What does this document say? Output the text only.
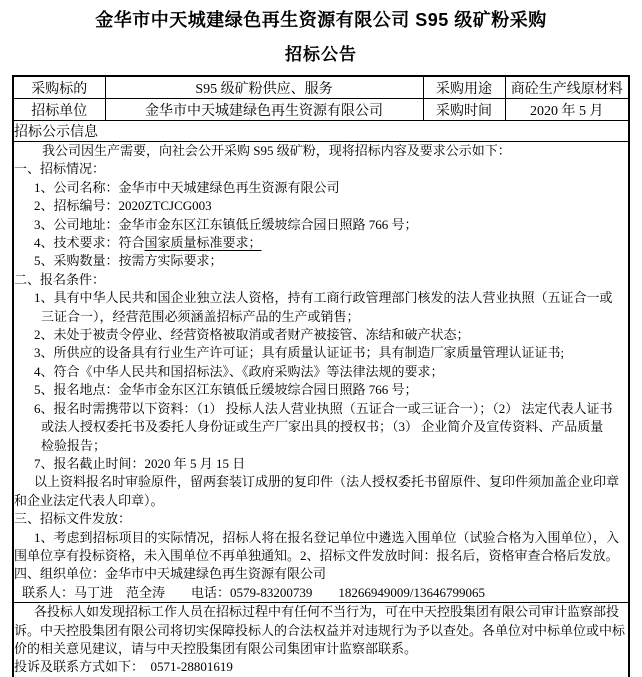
金华市中天城建绿色再生资源有限公司 S95 级矿粉采购
招标公告
采购标的	S95 级矿粉供应、服务	采购用途	商砼生产线原材料
招标单位	金华市中天城建绿色再生资源有限公司	采购时间	2020 年 5 月
招标公示信息			

我公司因生产需要，向社会公开采购 S95 级矿粉，现将招标内容及要求公示如下：
一、招标情况：
1、公司名称：金华市中天城建绿色再生资源有限公司
2、招标编号：2020ZTCJCG003
3、公司地址：金华市金东区江东镇低丘缓坡综合园日照路 766 号；
4、技术要求：符合国家质量标准要求；
5、采购数量：按需方实际要求；
二、报名条件：
1、具有中华人民共和国企业独立法人资格，持有工商行政管理部门核发的法人营业执照（五证合一或
三证合一），经营范围必须涵盖招标产品的生产或销售；
2、未处于被责令停业、经营资格被取消或者财产被接管、冻结和破产状态；
3、所供应的设备具有行业生产许可证；具有质量认证证书；具有制造厂家质量管理认证证书;
4、符合《中华人民共和国招标法》、《政府采购法》等法律法规的要求；
5、报名地点：金华市金东区江东镇低丘缓坡综合园日照路 766 号；
6、报名时需携带以下资料：（1） 投标人法人营业执照（五证合一或三证合一）；（2） 法定代表人证书
或法人授权委托书及委托人身份证或生产厂家出具的授权书；（3） 企业简介及宣传资料、产品质量
检验报告；
7、报名截止时间：2020 年 5 月 15 日
以上资料报名时审验原件，留两套装订成册的复印件（法人授权委托书留原件、复印件须加盖企业印章
和企业法定代表人印章）。
三、招标文件发放：
1、考虑到招标项目的实际情况，招标人将在报名登记单位中遴选入围单位（试验合格为入围单位），入
围单位享有投标资格，未入围单位不再单独通知。2、招标文件发放时间：报名后，资格审查合格后发放。
四、组织单位：金华市中天城建绿色再生资源有限公司
联系人：马丁进　范全涛　　电话：0579-83200739　　18266949009/13646799065

各投标人如发现招标工作人员在招标过程中有任何不当行为，可在中天控股集团有限公司审计监察部投
诉。中天控股集团有限公司将切实保障投标人的合法权益并对违规行为予以查处。各单位对中标单位或中标
价的相关意见建议，请与中天控股集团有限公司集团审计监察部联系。
投诉及联系方式如下：　0571-28801619			
